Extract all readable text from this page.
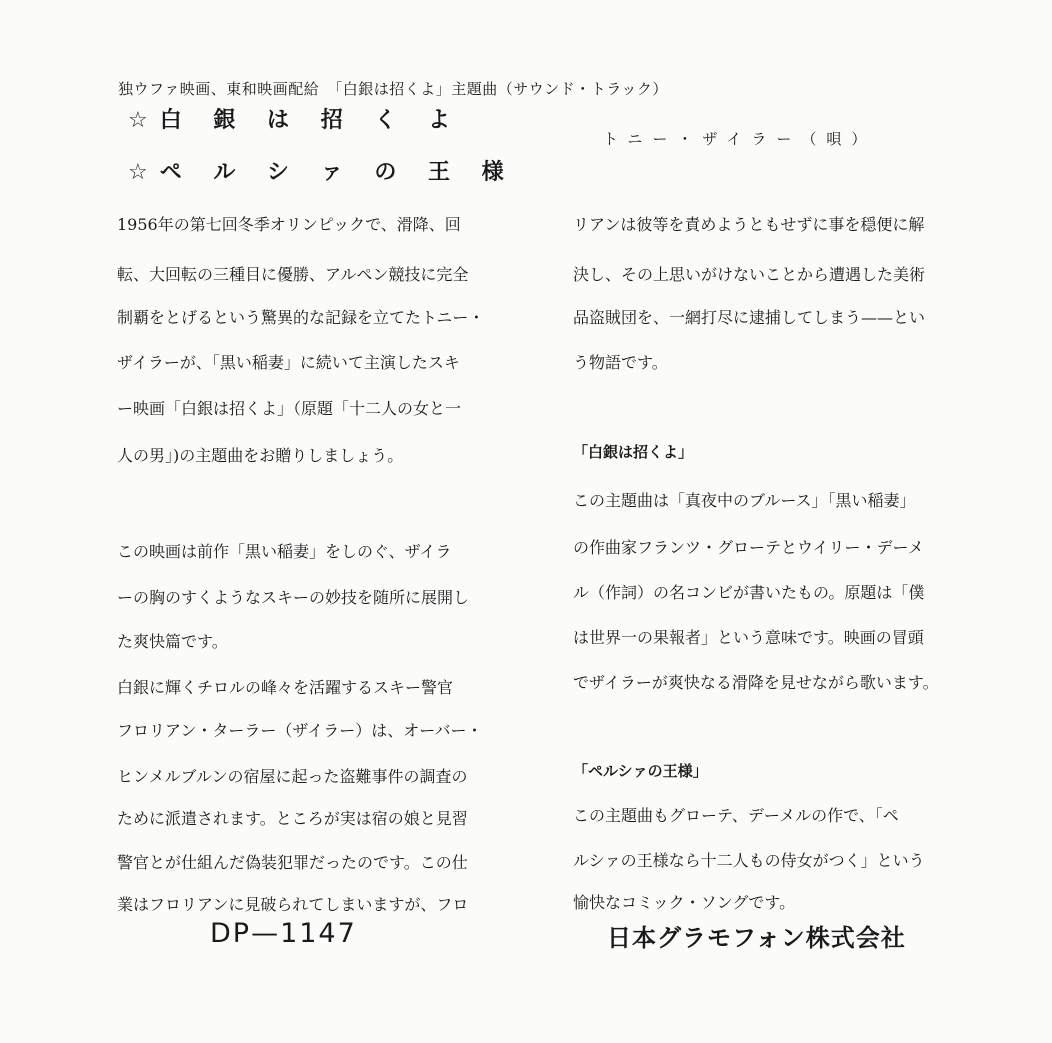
独ウファ映画、東和映画配給　「白銀は招くよ」主題曲（サウンド・トラック）
☆白 銀 は 招 く よ
☆ペ ル シ ァ の 王 様
トニー・ザイラー（唄）
1956年の第七回冬季オリンピックで、滑降、回
転、大回転の三種目に優勝、アルペン競技に完全
制覇をとげるという驚異的な記録を立てたトニー・
ザイラーが、「黒い稲妻」に続いて主演したスキ
ー映画「白銀は招くよ」（原題「十二人の女と一
人の男」)の主題曲をお贈りしましょう。
この映画は前作「黒い稲妻」をしのぐ、ザイラ
ーの胸のすくようなスキーの妙技を随所に展開し
た爽快篇です。
白銀に輝くチロルの峰々を活躍するスキー警官
フロリアン・ターラー（ザイラー）は、オーバー・
ヒンメルブルンの宿屋に起った盗難事件の調査の
ために派遣されます。ところが実は宿の娘と見習
警官とが仕組んだ偽装犯罪だったのです。この仕
業はフロリアンに見破られてしまいますが、フロ
リアンは彼等を責めようともせずに事を穏便に解
決し、その上思いがけないことから遭遇した美術
品盗賊団を、一網打尽に逮捕してしまう——とい
う物語です。
「白銀は招くよ」
この主題曲は「真夜中のブルース」「黒い稲妻」
の作曲家フランツ・グローテとウイリー・デーメ
ル（作詞）の名コンビが書いたもの。原題は「僕
は世界一の果報者」という意味です。映画の冒頭
でザイラーが爽快なる滑降を見せながら歌います。
「ペルシァの王様」
この主題曲もグローテ、デーメルの作で、「ペ
ルシァの王様なら十二人もの侍女がつく」という
愉快なコミック・ソングです。
DP—1147	日本グラモフォン株式会社
